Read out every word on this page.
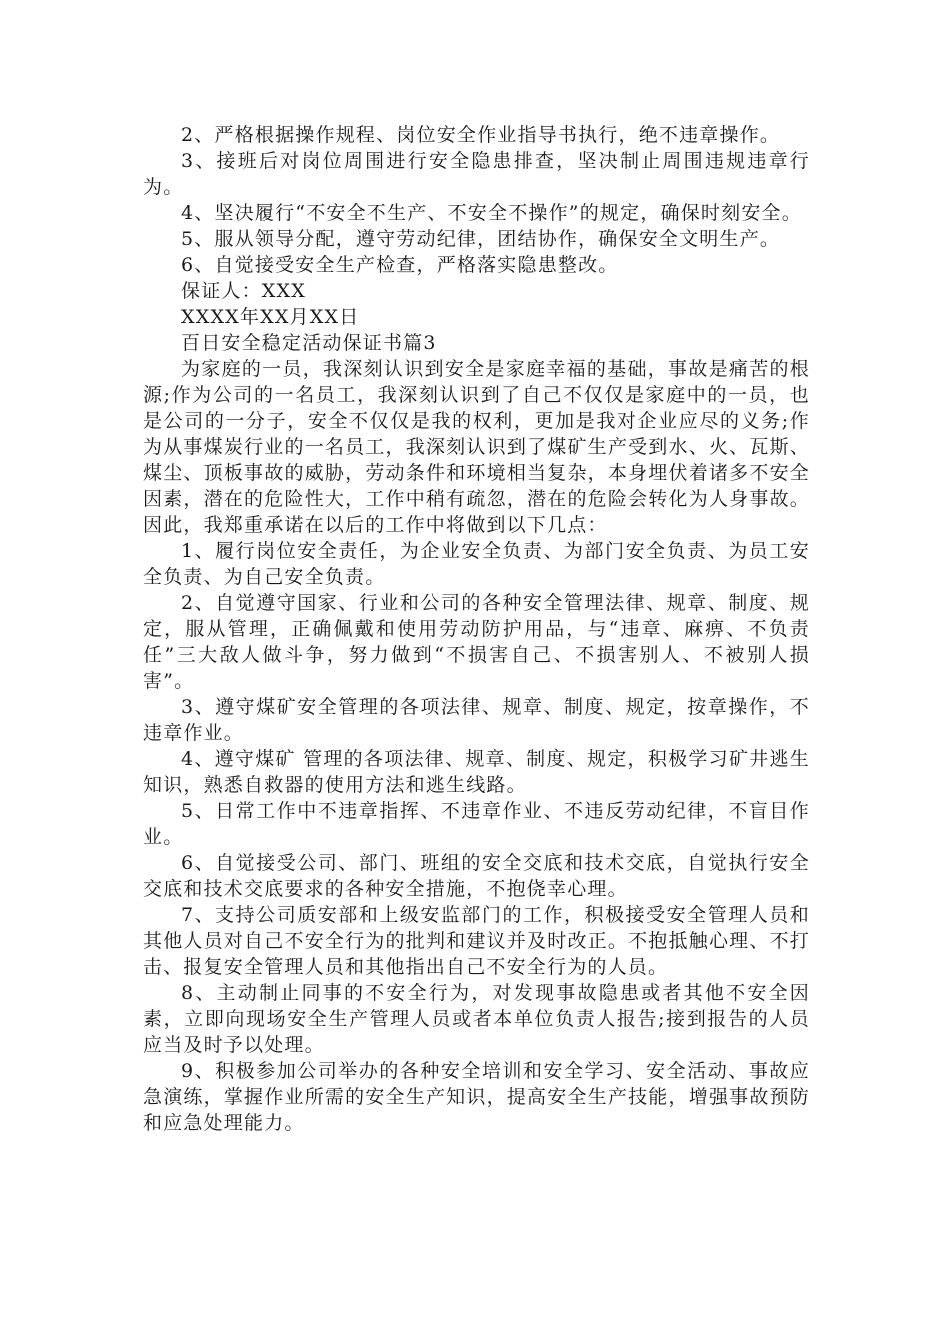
2、严格根据操作规程、岗位安全作业指导书执行，绝不违章操作。

3、接班后对岗位周围进行安全隐患排查，坚决制止周围违规违章行为。

4、坚决履行“不安全不生产、不安全不操作”的规定，确保时刻安全。

5、服从领导分配，遵守劳动纪律，团结协作，确保安全文明生产。

6、自觉接受安全生产检查，严格落实隐患整改。

保证人：XXX

XXXX年XX月XX日

百日安全稳定活动保证书篇3

为家庭的一员，我深刻认识到安全是家庭幸福的基础，事故是痛苦的根源;作为公司的一名员工，我深刻认识到了自己不仅仅是家庭中的一员，也是公司的一分子，安全不仅仅是我的权利，更加是我对企业应尽的义务;作为从事煤炭行业的一名员工，我深刻认识到了煤矿生产受到水、火、瓦斯、煤尘、顶板事故的威胁，劳动条件和环境相当复杂，本身埋伏着诸多不安全因素，潜在的危险性大，工作中稍有疏忽，潜在的危险会转化为人身事故。因此，我郑重承诺在以后的工作中将做到以下几点：

1、履行岗位安全责任，为企业安全负责、为部门安全负责、为员工安全负责、为自己安全负责。

2、自觉遵守国家、行业和公司的各种安全管理法律、规章、制度、规定，服从管理，正确佩戴和使用劳动防护用品，与“违章、麻痹、不负责任”三大敌人做斗争，努力做到“不损害自己、不损害别人、不被别人损害”。

3、遵守煤矿安全管理的各项法律、规章、制度、规定，按章操作，不违章作业。

4、遵守煤矿 管理的各项法律、规章、制度、规定，积极学习矿井逃生知识，熟悉自救器的使用方法和逃生线路。

5、日常工作中不违章指挥、不违章作业、不违反劳动纪律，不盲目作业。

6、自觉接受公司、部门、班组的安全交底和技术交底，自觉执行安全交底和技术交底要求的各种安全措施，不抱侥幸心理。

7、支持公司质安部和上级安监部门的工作，积极接受安全管理人员和其他人员对自己不安全行为的批判和建议并及时改正。不抱抵触心理、不打击、报复安全管理人员和其他指出自己不安全行为的人员。

8、主动制止同事的不安全行为，对发现事故隐患或者其他不安全因素，立即向现场安全生产管理人员或者本单位负责人报告;接到报告的人员应当及时予以处理。

9、积极参加公司举办的各种安全培训和安全学习、安全活动、事故应急演练，掌握作业所需的安全生产知识，提高安全生产技能，增强事故预防和应急处理能力。
